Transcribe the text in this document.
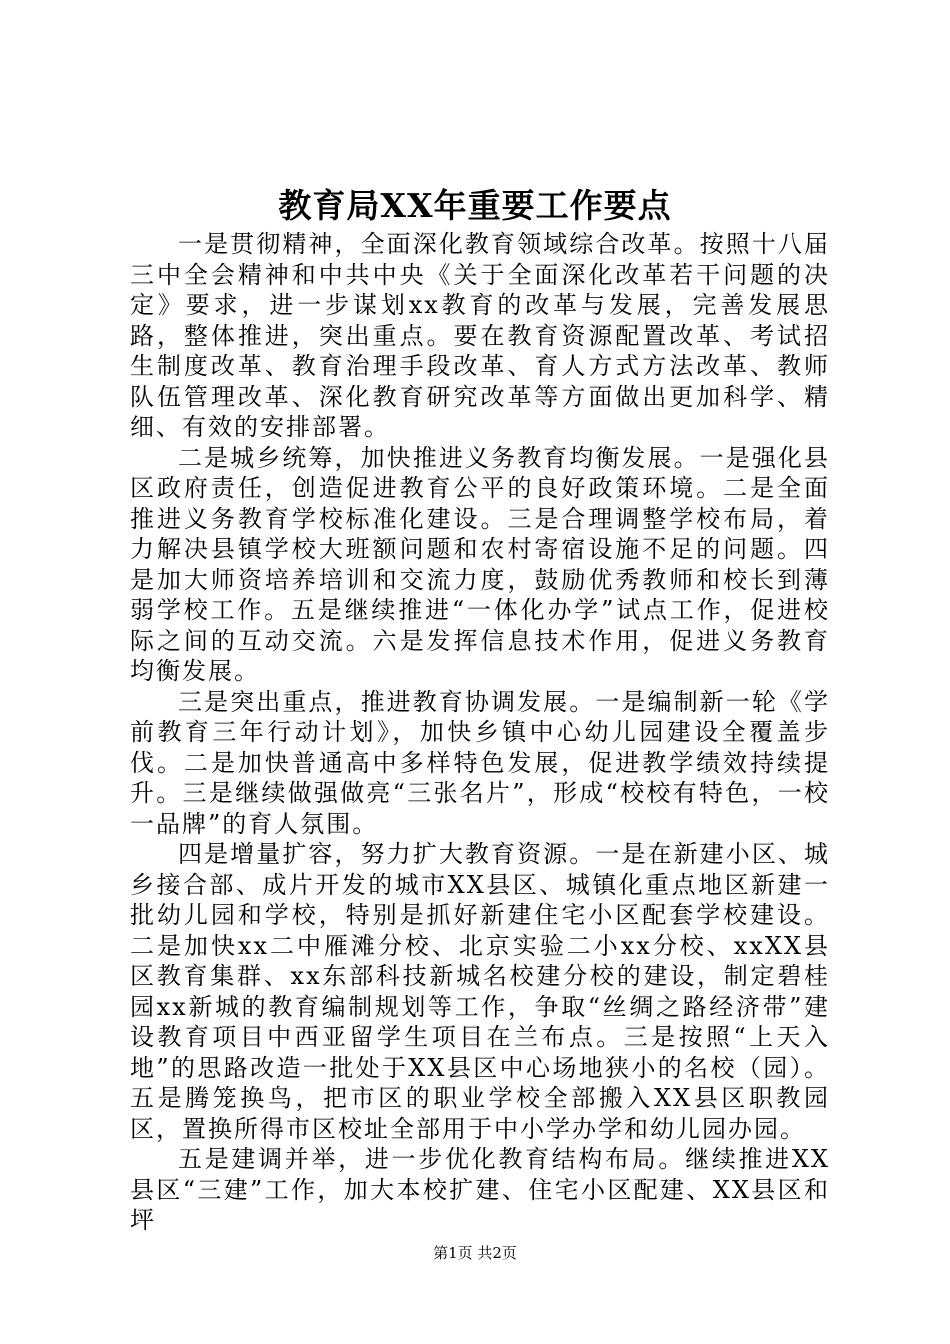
教育局XX年重要工作要点

一是贯彻精神，全面深化教育领域综合改革。按照十八届三中全会精神和中共中央《关于全面深化改革若干问题的决定》要求，进一步谋划xx教育的改革与发展，完善发展思路，整体推进，突出重点。要在教育资源配置改革、考试招生制度改革、教育治理手段改革、育人方式方法改革、教师队伍管理改革、深化教育研究改革等方面做出更加科学、精细、有效的安排部署。

二是城乡统筹，加快推进义务教育均衡发展。一是强化县区政府责任，创造促进教育公平的良好政策环境。二是全面推进义务教育学校标准化建设。三是合理调整学校布局，着力解决县镇学校大班额问题和农村寄宿设施不足的问题。四是加大师资培养培训和交流力度，鼓励优秀教师和校长到薄弱学校工作。五是继续推进“一体化办学”试点工作，促进校际之间的互动交流。六是发挥信息技术作用，促进义务教育均衡发展。

三是突出重点，推进教育协调发展。一是编制新一轮《学前教育三年行动计划》，加快乡镇中心幼儿园建设全覆盖步伐。二是加快普通高中多样特色发展，促进教学绩效持续提升。三是继续做强做亮“三张名片”，形成“校校有特色，一校一品牌”的育人氛围。

四是增量扩容，努力扩大教育资源。一是在新建小区、城乡接合部、成片开发的城市XX县区、城镇化重点地区新建一批幼儿园和学校，特别是抓好新建住宅小区配套学校建设。二是加快xx二中雁滩分校、北京实验二小xx分校、xxXX县区教育集群、xx东部科技新城名校建分校的建设，制定碧桂园xx新城的教育编制规划等工作，争取“丝绸之路经济带”建设教育项目中西亚留学生项目在兰布点。三是按照“上天入地”的思路改造一批处于XX县区中心场地狭小的名校（园）。五是腾笼换鸟，把市区的职业学校全部搬入XX县区职教园区，置换所得市区校址全部用于中小学办学和幼儿园办园。

五是建调并举，进一步优化教育结构布局。继续推进XX县区“三建”工作，加大本校扩建、住宅小区配建、XX县区和坪

第1页 共2页
